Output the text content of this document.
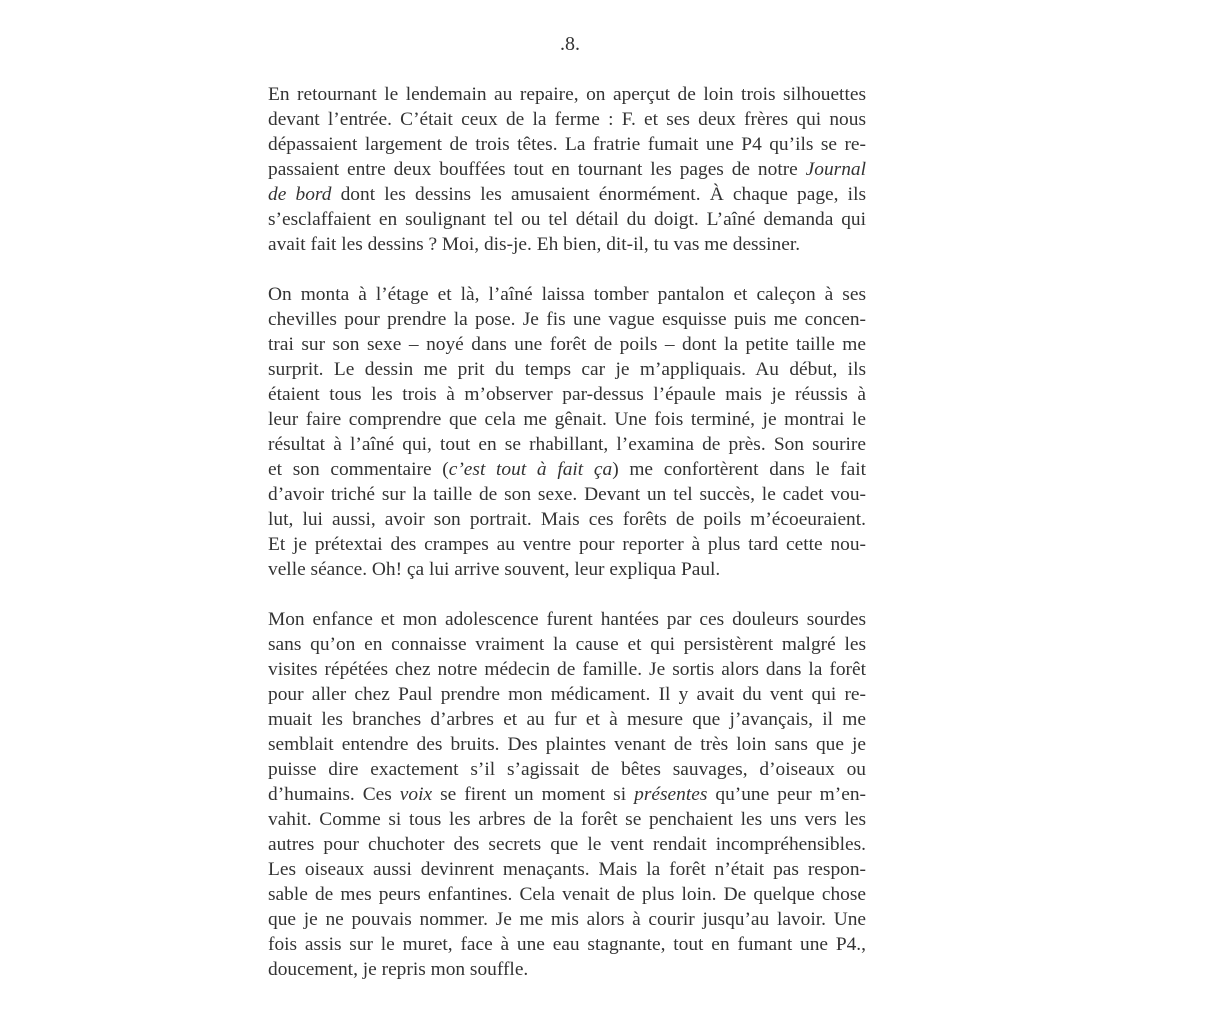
.8.
En retournant le lendemain au repaire, on aperçut de loin trois silhouettes
devant l’entrée. C’était ceux de la ferme : F. et ses deux frères qui nous
dépassaient largement de trois têtes. La fratrie fumait une P4 qu’ils se re-
passaient entre deux bouffées tout en tournant les pages de notre Journal
de bord dont les dessins les amusaient énormément. À chaque page, ils
s’esclaffaient en soulignant tel ou tel détail du doigt. L’aîné demanda qui
avait fait les dessins ? Moi, dis-je. Eh bien, dit-il, tu vas me dessiner.
On monta à l’étage et là, l’aîné laissa tomber pantalon et caleçon à ses
chevilles pour prendre la pose. Je fis une vague esquisse puis me concen-
trai sur son sexe – noyé dans une forêt de poils – dont la petite taille me
surprit. Le dessin me prit du temps car je m’appliquais. Au début, ils
étaient tous les trois à m’observer par-dessus l’épaule mais je réussis à
leur faire comprendre que cela me gênait. Une fois terminé, je montrai le
résultat à l’aîné qui, tout en se rhabillant, l’examina de près. Son sourire
et son commentaire (c’est tout à fait ça) me confortèrent dans le fait
d’avoir triché sur la taille de son sexe. Devant un tel succès, le cadet vou-
lut, lui aussi, avoir son portrait. Mais ces forêts de poils m’écoeuraient.
Et je prétextai des crampes au ventre pour reporter à plus tard cette nou-
velle séance. Oh! ça lui arrive souvent, leur expliqua Paul.
Mon enfance et mon adolescence furent hantées par ces douleurs sourdes
sans qu’on en connaisse vraiment la cause et qui persistèrent malgré les
visites répétées chez notre médecin de famille. Je sortis alors dans la forêt
pour aller chez Paul prendre mon médicament. Il y avait du vent qui re-
muait les branches d’arbres et au fur et à mesure que j’avançais, il me
semblait entendre des bruits. Des plaintes venant de très loin sans que je
puisse dire exactement s’il s’agissait de bêtes sauvages, d’oiseaux ou
d’humains. Ces voix se firent un moment si présentes qu’une peur m’en-
vahit. Comme si tous les arbres de la forêt se penchaient les uns vers les
autres pour chuchoter des secrets que le vent rendait incompréhensibles.
Les oiseaux aussi devinrent menaçants. Mais la forêt n’était pas respon-
sable de mes peurs enfantines. Cela venait de plus loin. De quelque chose
que je ne pouvais nommer. Je me mis alors à courir jusqu’au lavoir. Une
fois assis sur le muret, face à une eau stagnante, tout en fumant une P4.,
doucement, je repris mon souffle.
